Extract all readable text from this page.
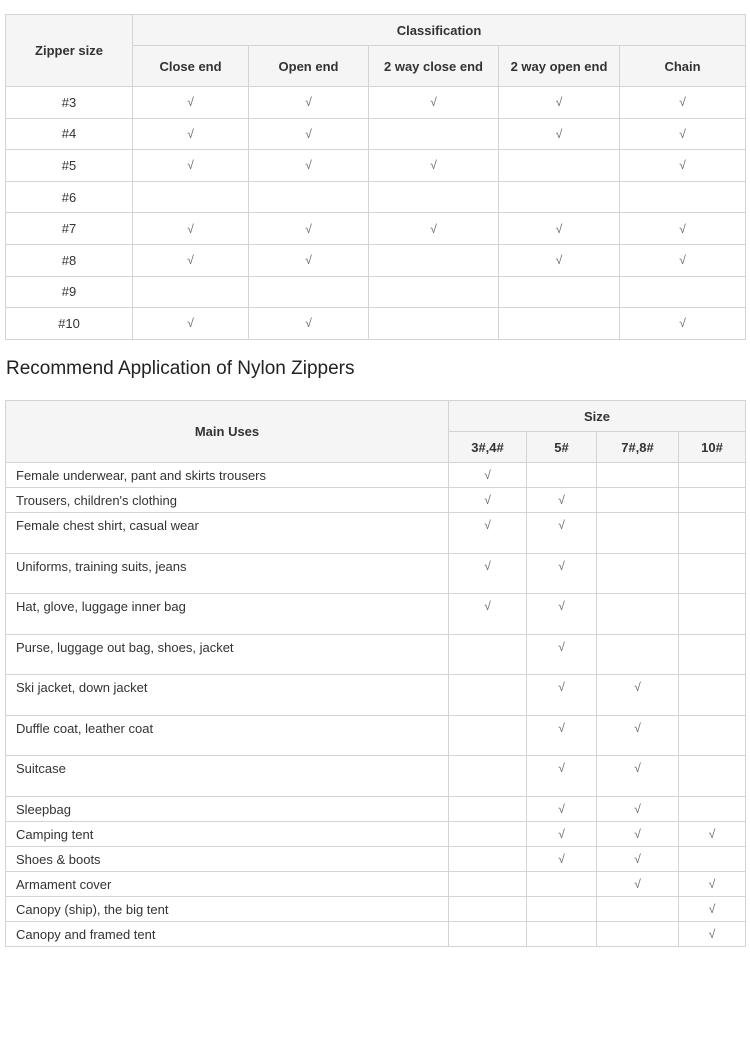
Zipper size	Classification				
	Close end	Open end	2 way close end	2 way open end	Chain
#3	√	√	√	√	√
#4	√	√		√	√
#5	√	√	√		√
#6					
#7	√	√	√	√	√
#8	√	√		√	√
#9					
#10	√	√			√
Recommend Application of Nylon Zippers
Main Uses	Size			
	3#,4#	5#	7#,8#	10#
Female underwear, pant and skirts trousers	√			
Trousers, children's clothing	√	√		
Female chest shirt, casual wear	√	√		
Uniforms, training suits, jeans	√	√		
Hat, glove, luggage inner bag	√	√		
Purse, luggage out bag, shoes, jacket		√		
Ski jacket, down jacket		√	√	
Duffle coat, leather coat		√	√	
Suitcase		√	√	
Sleepbag		√	√	
Camping tent		√	√	√
Shoes & boots		√	√	
Armament cover			√	√
Canopy (ship), the big tent				√
Canopy and framed tent				√
